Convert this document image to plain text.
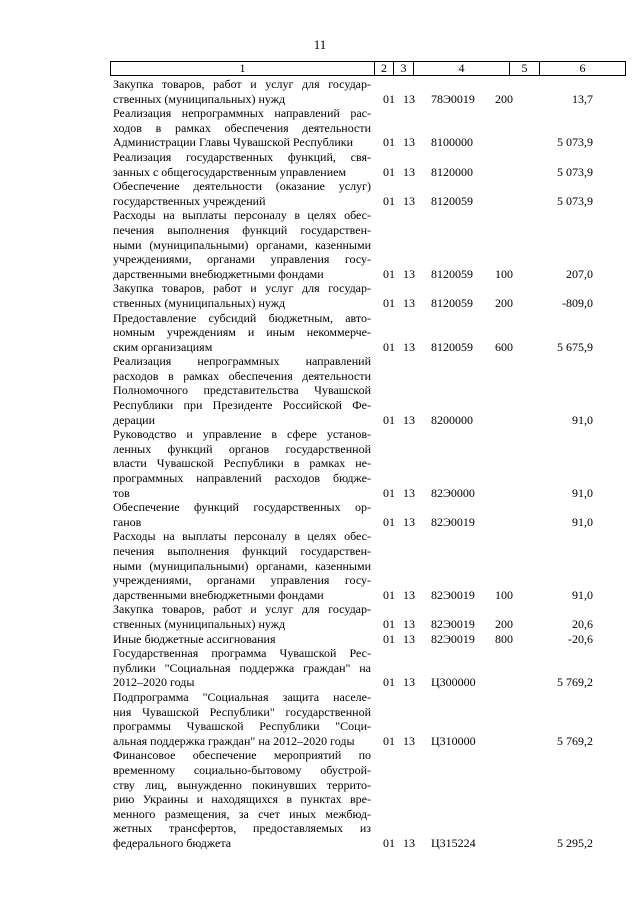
11
1	2	3	4	5	6
Закупка товаров, работ и услуг для государ-
ственных (муниципальных) нужд	01 13 78Э0019 200	13,7
Реализация непрограммных направлений рас-
ходов в рамках обеспечения деятельности
Администрации Главы Чувашской Республики	01 13 8100000	5 073,9
Реализация государственных функций, свя-
занных с общегосударственным управлением	01 13 8120000	5 073,9
Обеспечение деятельности (оказание услуг)
государственных учреждений	01 13 8120059	5 073,9
Расходы на выплаты персоналу в целях обес-
печения выполнения функций государствен-
ными (муниципальными) органами, казенными
учреждениями, органами управления госу-
дарственными внебюджетными фондами	01 13 8120059 100	207,0
Закупка товаров, работ и услуг для государ-
ственных (муниципальных) нужд	01 13 8120059 200	-809,0
Предоставление субсидий бюджетным, авто-
номным учреждениям и иным некоммерче-
ским организациям	01 13 8120059 600	5 675,9
Реализация непрограммных направлений
расходов в рамках обеспечения деятельности
Полномочного представительства Чувашской
Республики при Президенте Российской Фе-
дерации	01 13 8200000	91,0
Руководство и управление в сфере установ-
ленных функций органов государственной
власти Чувашской Республики в рамках не-
программных направлений расходов бюдже-
тов	01 13 82Э0000	91,0
Обеспечение функций государственных ор-
ганов	01 13 82Э0019	91,0
Расходы на выплаты персоналу в целях обес-
печения выполнения функций государствен-
ными (муниципальными) органами, казенными
учреждениями, органами управления госу-
дарственными внебюджетными фондами	01 13 82Э0019 100	91,0
Закупка товаров, работ и услуг для государ-
ственных (муниципальных) нужд	01 13 82Э0019 200	20,6
Иные бюджетные ассигнования	01 13 82Э0019 800	-20,6
Государственная программа Чувашской Рес-
публики "Социальная поддержка граждан" на
2012–2020 годы	01 13 Ц300000	5 769,2
Подпрограмма "Социальная защита населе-
ния Чувашской Республики" государственной
программы Чувашской Республики "Соци-
альная поддержка граждан" на 2012–2020 годы	01 13 Ц310000	5 769,2
Финансовое обеспечение мероприятий по
временному социально-бытовому обустрой-
ству лиц, вынужденно покинувших террито-
рию Украины и находящихся в пунктах вре-
менного размещения, за счет иных межбюд-
жетных трансфертов, предоставляемых из
федерального бюджета	01 13 Ц315224	5 295,2
